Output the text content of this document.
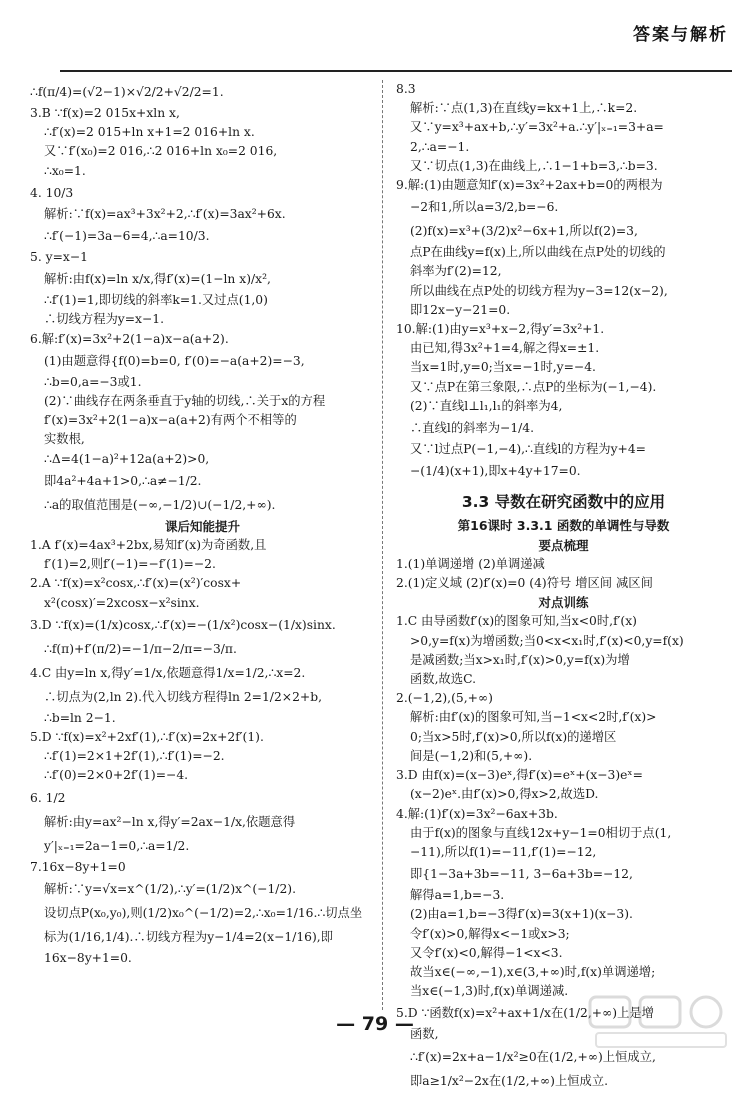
答案与解析
∴f(π/4)=(√2−1)×√2/2+√2/2=1.
3.B ∵f(x)=2 015x+xln x,
∴f′(x)=2 015+ln x+1=2 016+ln x.
又∵f′(x₀)=2 016,∴2 016+ln x₀=2 016,
∴x₀=1.
4. 10/3
解析:∵f(x)=ax³+3x²+2,∴f′(x)=3ax²+6x.
∴f′(−1)=3a−6=4,∴a=10/3.
5. y=x−1
解析:由f(x)=ln x/x,得f′(x)=(1−ln x)/x²,
∴f′(1)=1,即切线的斜率k=1.又过点(1,0)
∴切线方程为y=x−1.
6.解:f′(x)=3x²+2(1−a)x−a(a+2).
(1)由题意得{f(0)=b=0, f′(0)=−a(a+2)=−3,
∴b=0,a=−3或1.
(2)∵曲线存在两条垂直于y轴的切线,∴关于x的方程
f′(x)=3x²+2(1−a)x−a(a+2)有两个不相等的
实数根,
∴Δ=4(1−a)²+12a(a+2)>0,
即4a²+4a+1>0,∴a≠−1/2.
∴a的取值范围是(−∞,−1/2)∪(−1/2,+∞).
课后知能提升
1.A f′(x)=4ax³+2bx,易知f′(x)为奇函数,且
f′(1)=2,则f′(−1)=−f′(1)=−2.
2.A ∵f(x)=x²cosx,∴f′(x)=(x²)′cosx+
x²(cosx)′=2xcosx−x²sinx.
3.D ∵f(x)=(1/x)cosx,∴f′(x)=−(1/x²)cosx−(1/x)sinx.
∴f(π)+f′(π/2)=−1/π−2/π=−3/π.
4.C 由y=ln x,得y′=1/x,依题意得1/x=1/2,∴x=2.
∴切点为(2,ln 2).代入切线方程得ln 2=1/2×2+b,
∴b=ln 2−1.
5.D ∵f(x)=x²+2xf′(1),∴f′(x)=2x+2f′(1).
∴f′(1)=2×1+2f′(1),∴f′(1)=−2.
∴f′(0)=2×0+2f′(1)=−4.
6. 1/2
解析:由y=ax²−ln x,得y′=2ax−1/x,依题意得
y′|ₓ₌₁=2a−1=0,∴a=1/2.
7.16x−8y+1=0
解析:∵y=√x=x^(1/2),∴y′=(1/2)x^(−1/2).
设切点P(x₀,y₀),则(1/2)x₀^(−1/2)=2,∴x₀=1/16.∴切点坐
标为(1/16,1/4).∴切线方程为y−1/4=2(x−1/16),即
16x−8y+1=0.
8.3
解析:∵点(1,3)在直线y=kx+1上,∴k=2.
又∵y=x³+ax+b,∴y′=3x²+a.∴y′|ₓ₌₁=3+a=
2,∴a=−1.
又∵切点(1,3)在曲线上,∴1−1+b=3,∴b=3.
9.解:(1)由题意知f′(x)=3x²+2ax+b=0的两根为
−2和1,所以a=3/2,b=−6.
(2)f(x)=x³+(3/2)x²−6x+1,所以f(2)=3,
点P在曲线y=f(x)上,所以曲线在点P处的切线的
斜率为f′(2)=12,
所以曲线在点P处的切线方程为y−3=12(x−2),
即12x−y−21=0.
10.解:(1)由y=x³+x−2,得y′=3x²+1.
由已知,得3x²+1=4,解之得x=±1.
当x=1时,y=0;当x=−1时,y=−4.
又∵点P在第三象限,∴点P的坐标为(−1,−4).
(2)∵直线l⊥l₁,l₁的斜率为4,
∴直线l的斜率为−1/4.
又∵l过点P(−1,−4),∴直线l的方程为y+4=
−(1/4)(x+1),即x+4y+17=0.
3.3 导数在研究函数中的应用
第16课时 3.3.1 函数的单调性与导数
要点梳理
1.(1)单调递增 (2)单调递减
2.(1)定义域 (2)f′(x)=0 (4)符号 增区间 减区间
对点训练
1.C 由导函数f′(x)的图象可知,当x<0时,f′(x)
>0,y=f(x)为增函数;当0<x<x₁时,f′(x)<0,y=f(x)
是减函数;当x>x₁时,f′(x)>0,y=f(x)为增
函数,故选C.
2.(−1,2),(5,+∞)
解析:由f′(x)的图象可知,当−1<x<2时,f′(x)>
0;当x>5时,f′(x)>0,所以f(x)的递增区
间是(−1,2)和(5,+∞).
3.D 由f(x)=(x−3)eˣ,得f′(x)=eˣ+(x−3)eˣ=
(x−2)eˣ.由f′(x)>0,得x>2,故选D.
4.解:(1)f′(x)=3x²−6ax+3b.
由于f(x)的图象与直线12x+y−1=0相切于点(1,
−11),所以f(1)=−11,f′(1)=−12,
即{1−3a+3b=−11, 3−6a+3b=−12,
解得a=1,b=−3.
(2)由a=1,b=−3得f′(x)=3(x+1)(x−3).
令f′(x)>0,解得x<−1或x>3;
又令f′(x)<0,解得−1<x<3.
故当x∈(−∞,−1),x∈(3,+∞)时,f(x)单调递增;
当x∈(−1,3)时,f(x)单调递减.
5.D ∵函数f(x)=x²+ax+1/x在(1/2,+∞)上是增
函数,
∴f′(x)=2x+a−1/x²≥0在(1/2,+∞)上恒成立,
即a≥1/x²−2x在(1/2,+∞)上恒成立.
— 79 —
